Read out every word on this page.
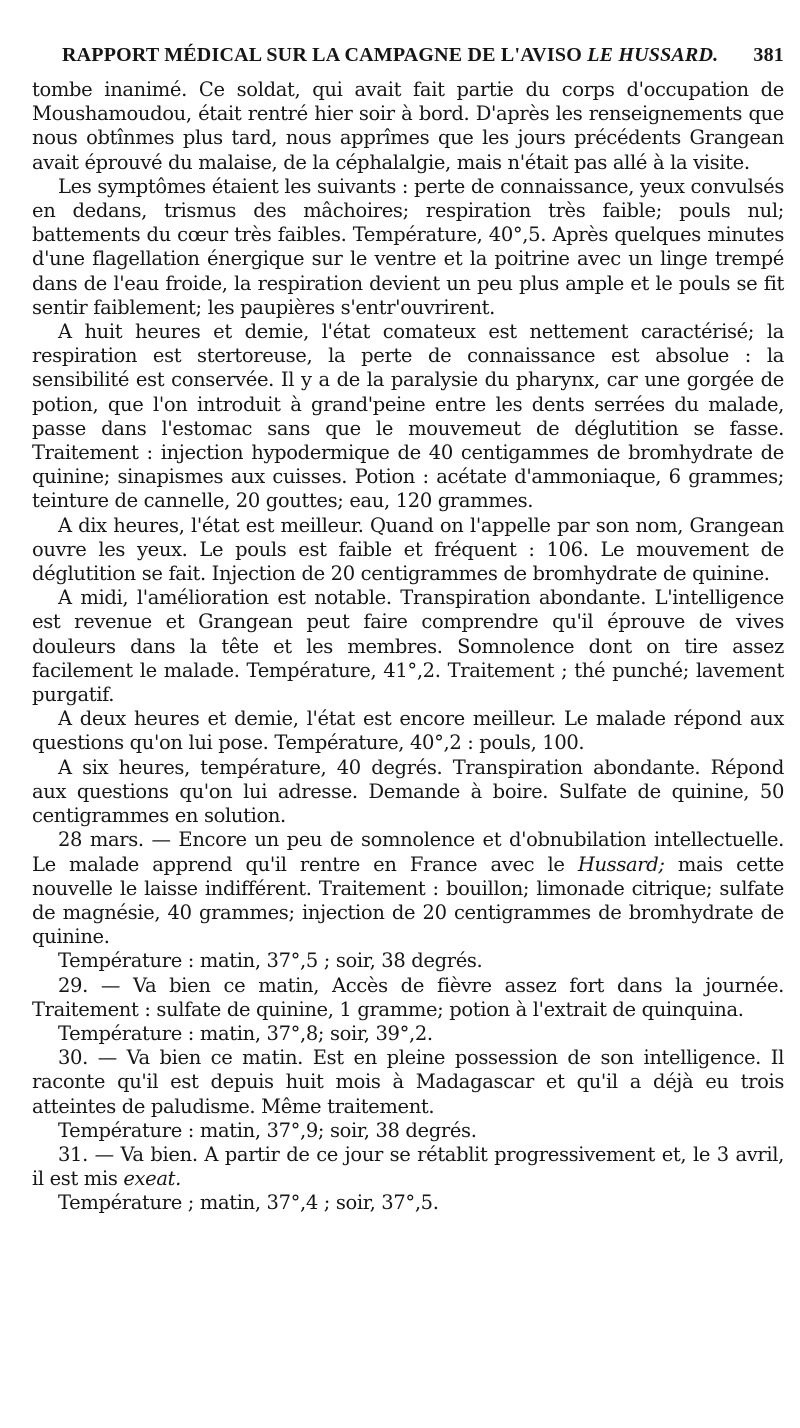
RAPPORT MÉDICAL SUR LA CAMPAGNE DE L'AVISO LE HUSSARD. 381

tombe inanimé. Ce soldat, qui avait fait partie du corps d'occupation de Moushamoudou, était rentré hier soir à bord. D'après les renseignements que nous obtînmes plus tard, nous apprîmes que les jours précédents Grangean avait éprouvé du malaise, de la céphalalgie, mais n'était pas allé à la visite.

Les symptômes étaient les suivants : perte de connaissance, yeux convulsés en dedans, trismus des mâchoires; respiration très faible; pouls nul; battements du cœur très faibles. Température, 40°,5. Après quelques minutes d'une flagellation énergique sur le ventre et la poitrine avec un linge trempé dans de l'eau froide, la respiration devient un peu plus ample et le pouls se fit sentir faiblement; les paupières s'entr'ouvrirent.

A huit heures et demie, l'état comateux est nettement caractérisé; la respiration est stertoreuse, la perte de connaissance est absolue : la sensibilité est conservée. Il y a de la paralysie du pharynx, car une gorgée de potion, que l'on introduit à grand'peine entre les dents serrées du malade, passe dans l'estomac sans que le mouvemeut de déglutition se fasse. Traitement : injection hypodermique de 40 centigammes de bromhydrate de quinine; sinapismes aux cuisses. Potion : acétate d'ammoniaque, 6 grammes; teinture de cannelle, 20 gouttes; eau, 120 grammes.

A dix heures, l'état est meilleur. Quand on l'appelle par son nom, Grangean ouvre les yeux. Le pouls est faible et fréquent : 106. Le mouvement de déglutition se fait. Injection de 20 centigrammes de bromhydrate de quinine.

A midi, l'amélioration est notable. Transpiration abondante. L'intelligence est revenue et Grangean peut faire comprendre qu'il éprouve de vives douleurs dans la tête et les membres. Somnolence dont on tire assez facilement le malade. Température, 41°,2. Traitement ; thé punché; lavement purgatif.

A deux heures et demie, l'état est encore meilleur. Le malade répond aux questions qu'on lui pose. Température, 40°,2 : pouls, 100.

A six heures, température, 40 degrés. Transpiration abondante. Répond aux questions qu'on lui adresse. Demande à boire. Sulfate de quinine, 50 centigrammes en solution.

28 mars. — Encore un peu de somnolence et d'obnubilation intellectuelle. Le malade apprend qu'il rentre en France avec le Hussard; mais cette nouvelle le laisse indifférent. Traitement : bouillon; limonade citrique; sulfate de magnésie, 40 grammes; injection de 20 centigrammes de bromhydrate de quinine.

Température : matin, 37°,5 ; soir, 38 degrés.

29. — Va bien ce matin, Accès de fièvre assez fort dans la journée. Traitement : sulfate de quinine, 1 gramme; potion à l'extrait de quinquina.

Température : matin, 37°,8; soir, 39°,2.

30. — Va bien ce matin. Est en pleine possession de son intelligence. Il raconte qu'il est depuis huit mois à Madagascar et qu'il a déjà eu trois atteintes de paludisme. Même traitement.

Température : matin, 37°,9; soir, 38 degrés.

31. — Va bien. A partir de ce jour se rétablit progressivement et, le 3 avril, il est mis exeat.

Température ; matin, 37°,4 ; soir, 37°,5.
